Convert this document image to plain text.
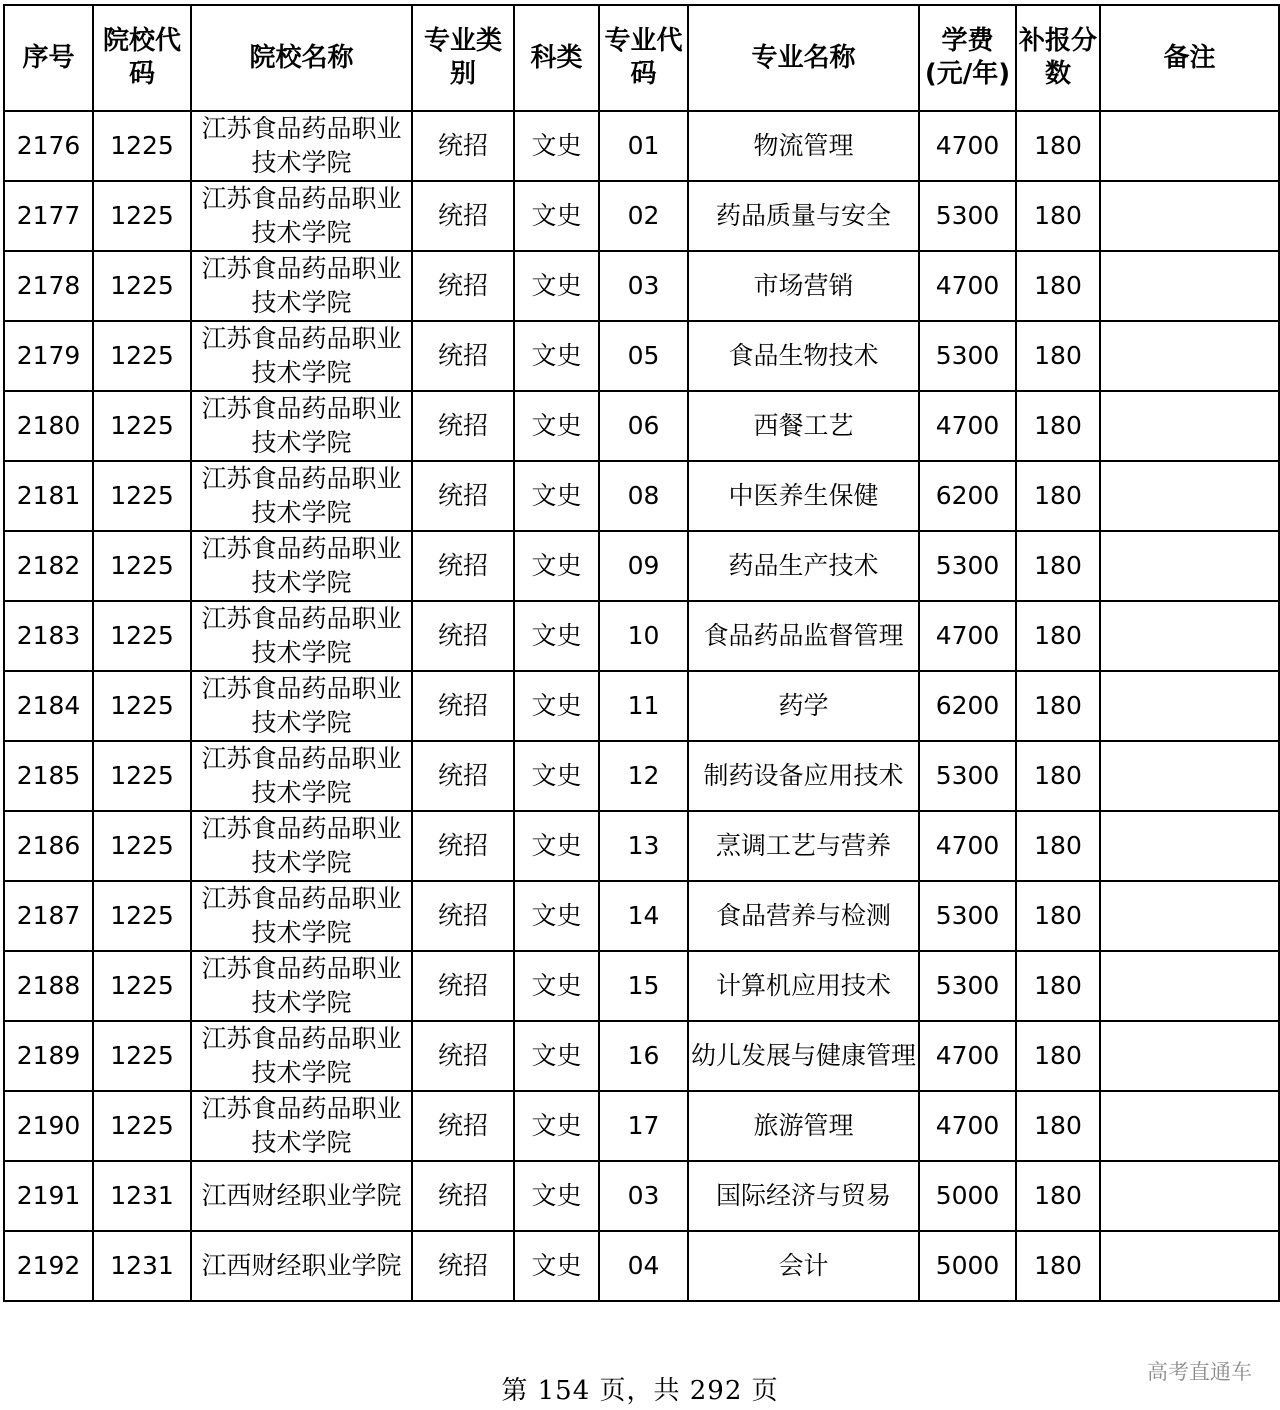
序号	院校代码	院校名称	专业类别	科类	专业代码	专业名称	学费(元/年)	补报分数	备注
2176	1225	江苏食品药品职业技术学院	统招	文史	01	物流管理	4700	180	
2177	1225	江苏食品药品职业技术学院	统招	文史	02	药品质量与安全	5300	180	
2178	1225	江苏食品药品职业技术学院	统招	文史	03	市场营销	4700	180	
2179	1225	江苏食品药品职业技术学院	统招	文史	05	食品生物技术	5300	180	
2180	1225	江苏食品药品职业技术学院	统招	文史	06	西餐工艺	4700	180	
2181	1225	江苏食品药品职业技术学院	统招	文史	08	中医养生保健	6200	180	
2182	1225	江苏食品药品职业技术学院	统招	文史	09	药品生产技术	5300	180	
2183	1225	江苏食品药品职业技术学院	统招	文史	10	食品药品监督管理	4700	180	
2184	1225	江苏食品药品职业技术学院	统招	文史	11	药学	6200	180	
2185	1225	江苏食品药品职业技术学院	统招	文史	12	制药设备应用技术	5300	180	
2186	1225	江苏食品药品职业技术学院	统招	文史	13	烹调工艺与营养	4700	180	
2187	1225	江苏食品药品职业技术学院	统招	文史	14	食品营养与检测	5300	180	
2188	1225	江苏食品药品职业技术学院	统招	文史	15	计算机应用技术	5300	180	
2189	1225	江苏食品药品职业技术学院	统招	文史	16	幼儿发展与健康管理	4700	180	
2190	1225	江苏食品药品职业技术学院	统招	文史	17	旅游管理	4700	180	
2191	1231	江西财经职业学院	统招	文史	03	国际经济与贸易	5000	180	
2192	1231	江西财经职业学院	统招	文史	04	会计	5000	180	
第 154 页，共 292 页
高考直通车
